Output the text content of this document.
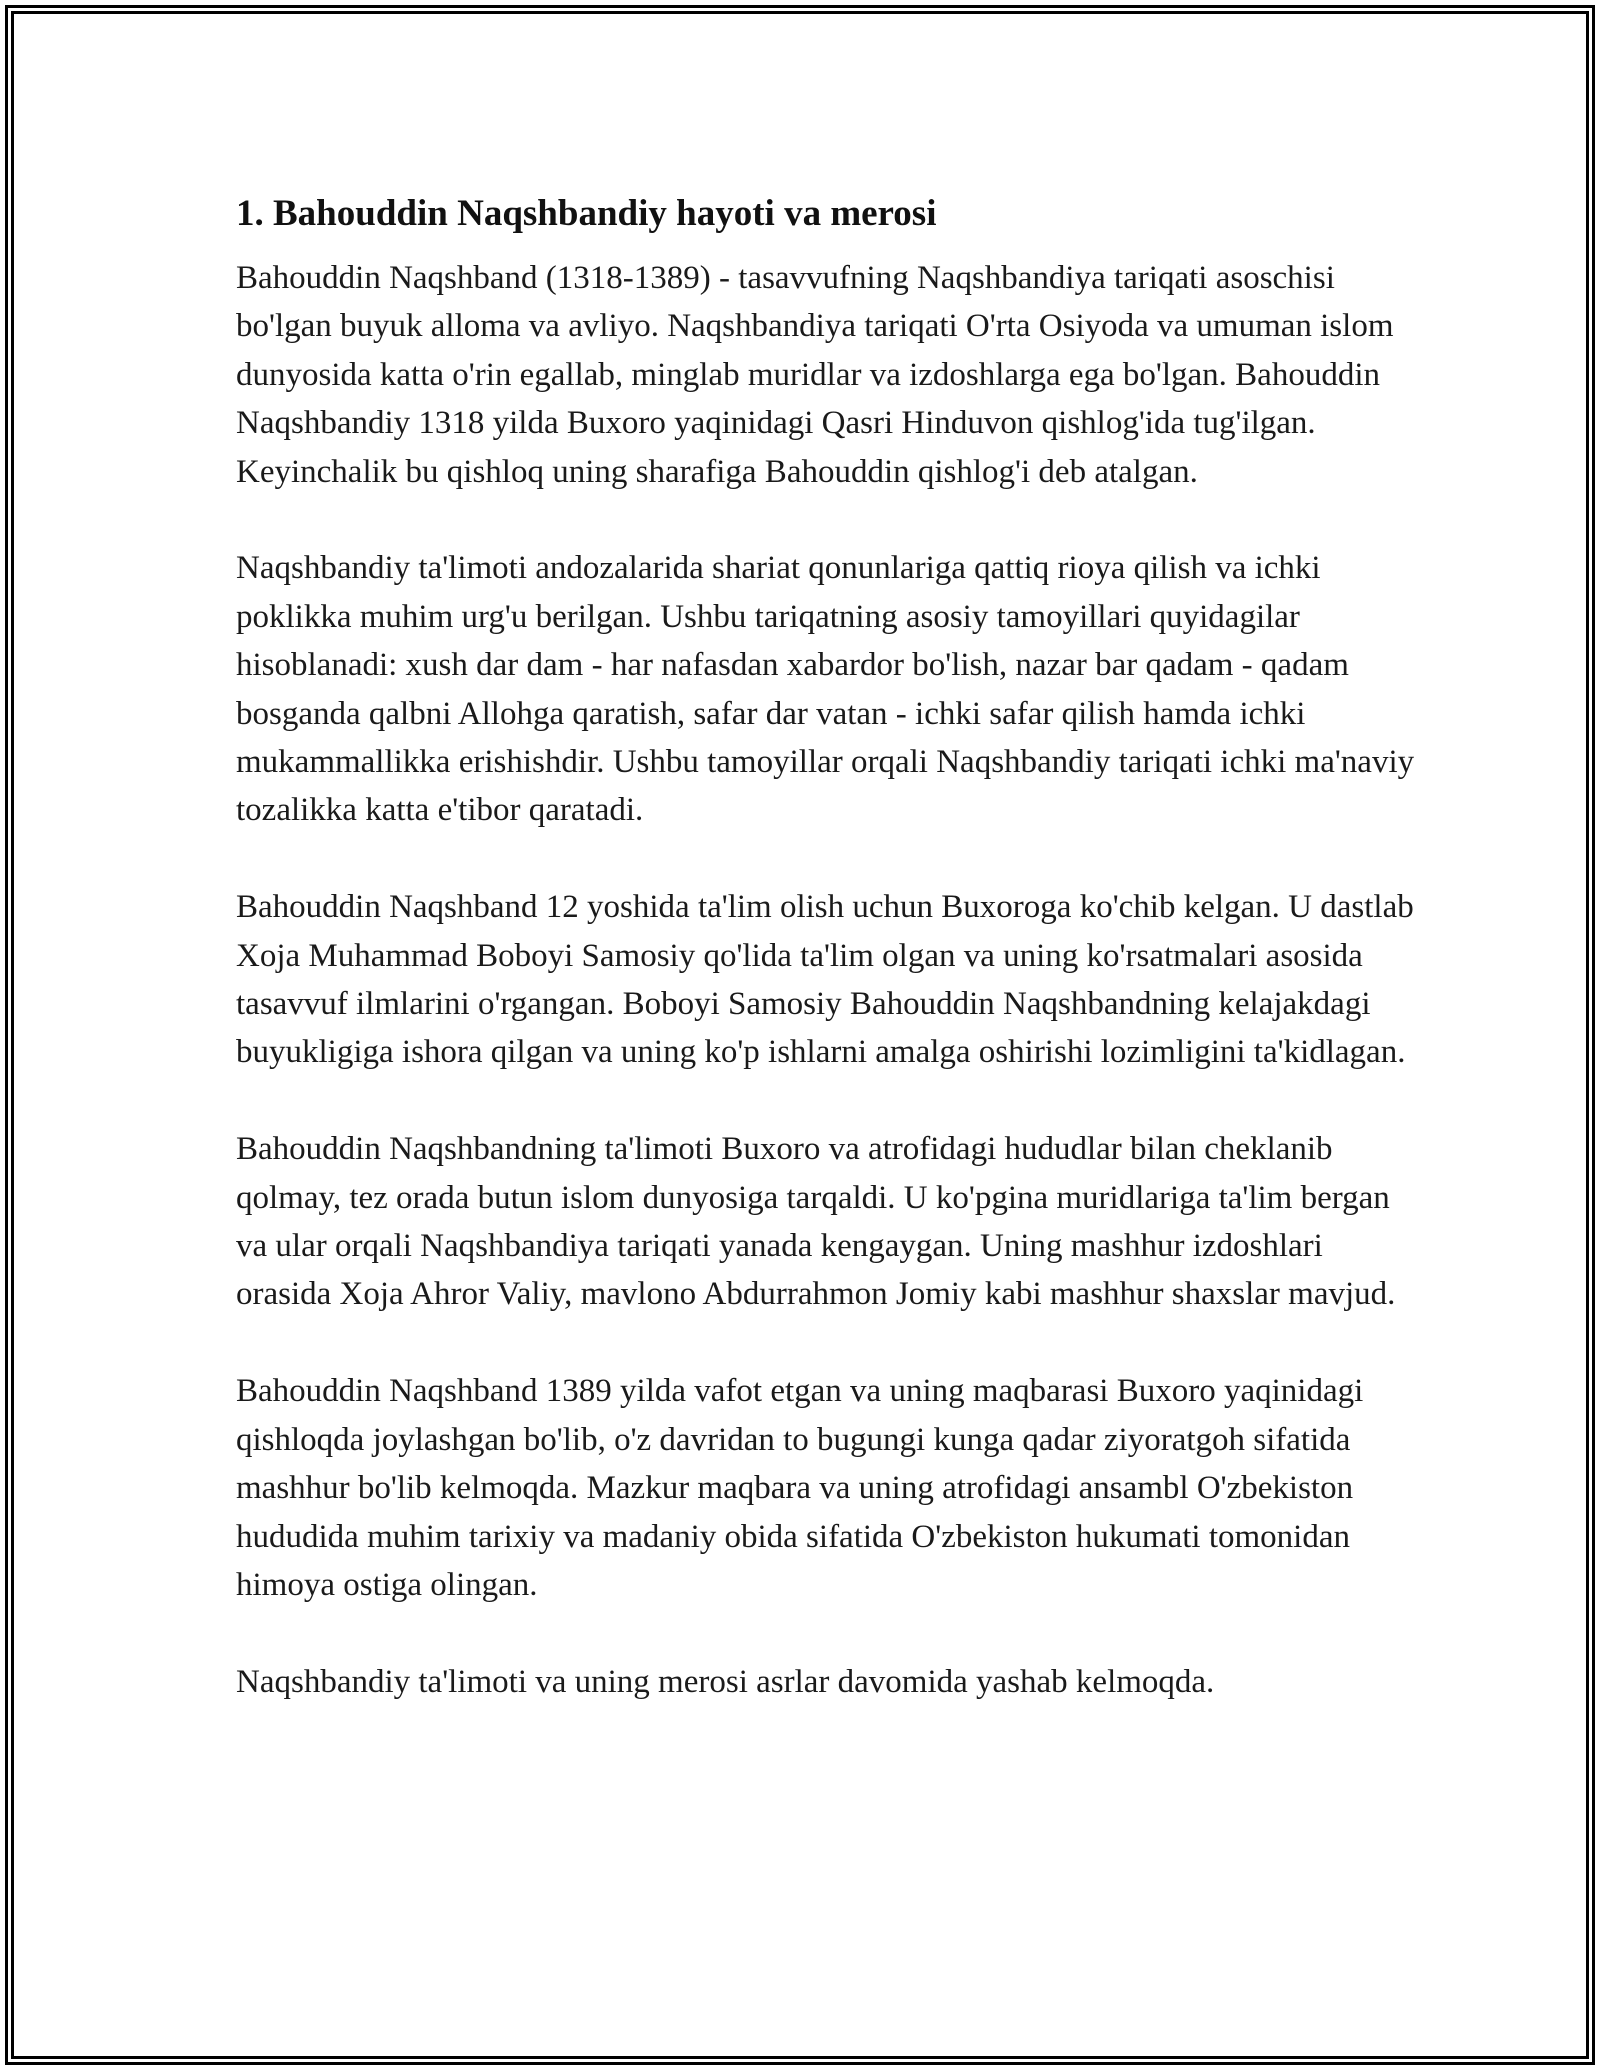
1. Bahouddin Naqshbandiy hayoti va merosi

Bahouddin Naqshband (1318-1389) - tasavvufning Naqshbandiya tariqati asoschisi bo'lgan buyuk alloma va avliyo. Naqshbandiya tariqati O'rta Osiyoda va umuman islom dunyosida katta o'rin egallab, minglab muridlar va izdoshlarga ega bo'lgan. Bahouddin Naqshbandiy 1318 yilda Buxoro yaqinidagi Qasri Hinduvon qishlog'ida tug'ilgan. Keyinchalik bu qishloq uning sharafiga Bahouddin qishlog'i deb atalgan.

Naqshbandiy ta'limoti andozalarida shariat qonunlariga qattiq rioya qilish va ichki poklikka muhim urg'u berilgan. Ushbu tariqatning asosiy tamoyillari quyidagilar hisoblanadi: xush dar dam - har nafasdan xabardor bo'lish, nazar bar qadam - qadam bosganda qalbni Allohga qaratish, safar dar vatan - ichki safar qilish hamda ichki mukammallikka erishishdir. Ushbu tamoyillar orqali Naqshbandiy tariqati ichki ma'naviy tozalikka katta e'tibor qaratadi.

Bahouddin Naqshband 12 yoshida ta'lim olish uchun Buxoroga ko'chib kelgan. U dastlab Xoja Muhammad Boboyi Samosiy qo'lida ta'lim olgan va uning ko'rsatmalari asosida tasavvuf ilmlarini o'rgangan. Boboyi Samosiy Bahouddin Naqshbandning kelajakdagi buyukligiga ishora qilgan va uning ko'p ishlarni amalga oshirishi lozimligini ta'kidlagan.

Bahouddin Naqshbandning ta'limoti Buxoro va atrofidagi hududlar bilan cheklanib qolmay, tez orada butun islom dunyosiga tarqaldi. U ko'pgina muridlariga ta'lim bergan va ular orqali Naqshbandiya tariqati yanada kengaygan. Uning mashhur izdoshlari orasida Xoja Ahror Valiy, mavlono Abdurrahmon Jomiy kabi mashhur shaxslar mavjud.

Bahouddin Naqshband 1389 yilda vafot etgan va uning maqbarasi Buxoro yaqinidagi qishloqda joylashgan bo'lib, o'z davridan to bugungi kunga qadar ziyoratgoh sifatida mashhur bo'lib kelmoqda. Mazkur maqbara va uning atrofidagi ansambl O'zbekiston hududida muhim tarixiy va madaniy obida sifatida O'zbekiston hukumati tomonidan himoya ostiga olingan.

Naqshbandiy ta'limoti va uning merosi asrlar davomida yashab kelmoqda.
